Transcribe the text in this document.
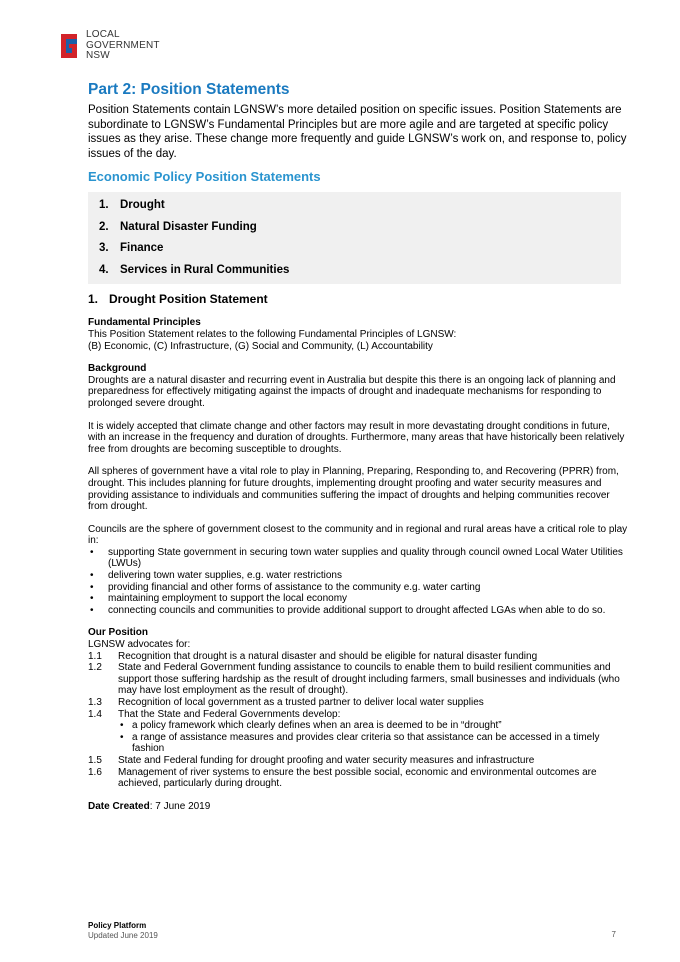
LOCAL
GOVERNMENT
NSW
Part 2: Position Statements

Position Statements contain LGNSW’s more detailed position on specific issues. Position Statements are subordinate to LGNSW’s Fundamental Principles but are more agile and are targeted at specific policy issues as they arise. These change more frequently and guide LGNSW’s work on, and response to, policy issues of the day.

Economic Policy Position Statements
1. Drought
2. Natural Disaster Funding
3. Finance
4. Services in Rural Communities
1. Drought Position Statement
Fundamental Principles
This Position Statement relates to the following Fundamental Principles of LGNSW:
(B) Economic, (C) Infrastructure, (G) Social and Community, (L) Accountability
Background
Droughts are a natural disaster and recurring event in Australia but despite this there is an ongoing lack of planning and preparedness for effectively mitigating against the impacts of drought and inadequate mechanisms for responding to prolonged severe drought.
It is widely accepted that climate change and other factors may result in more devastating drought conditions in future, with an increase in the frequency and duration of droughts. Furthermore, many areas that have historically been relatively free from droughts are becoming susceptible to droughts.
All spheres of government have a vital role to play in Planning, Preparing, Responding to, and Recovering (PPRR) from, drought. This includes planning for future droughts, implementing drought proofing and water security measures and providing assistance to individuals and communities suffering the impact of droughts and helping communities recover from drought.
Councils are the sphere of government closest to the community and in regional and rural areas have a critical role to play in:
• supporting State government in securing town water supplies and quality through council owned Local Water Utilities (LWUs)
• delivering town water supplies, e.g. water restrictions
• providing financial and other forms of assistance to the community e.g. water carting
• maintaining employment to support the local economy
• connecting councils and communities to provide additional support to drought affected LGAs when able to do so.
Our Position
LGNSW advocates for:
1.1	Recognition that drought is a natural disaster and should be eligible for natural disaster funding
1.2	State and Federal Government funding assistance to councils to enable them to build resilient communities and support those suffering hardship as the result of drought including farmers, small businesses and individuals (who may have lost employment as the result of drought).
1.3	Recognition of local government as a trusted partner to deliver local water supplies
1.4	That the State and Federal Governments develop:
• a policy framework which clearly defines when an area is deemed to be in “drought”
• a range of assistance measures and provides clear criteria so that assistance can be accessed in a timely fashion
1.5	State and Federal funding for drought proofing and water security measures and infrastructure
1.6	Management of river systems to ensure the best possible social, economic and environmental outcomes are achieved, particularly during drought.
Date Created: 7 June 2019
Policy Platform
Updated June 2019	7
